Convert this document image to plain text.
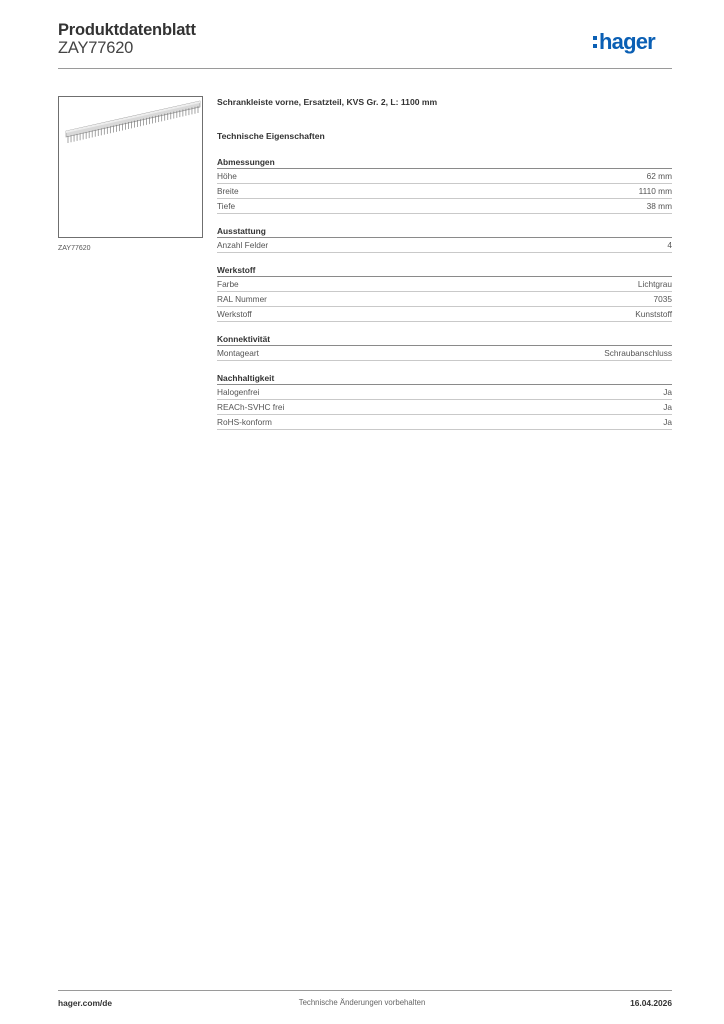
Produktdatenblatt
ZAY77620	hager
ZAY77620
Schrankleiste vorne, Ersatzteil, KVS Gr. 2, L: 1100 mm
Technische Eigenschaften
Abmessungen
Höhe	62 mm
Breite	1110 mm
Tiefe	38 mm
Ausstattung
Anzahl Felder	4
Werkstoff
Farbe	Lichtgrau
RAL Nummer	7035
Werkstoff	Kunststoff
Konnektivität
Montageart	Schraubanschluss
Nachhaltigkeit
Halogenfrei	Ja
REACh-SVHC frei	Ja
RoHS-konform	Ja
hager.com/de	Technische Änderungen vorbehalten	16.04.2026
